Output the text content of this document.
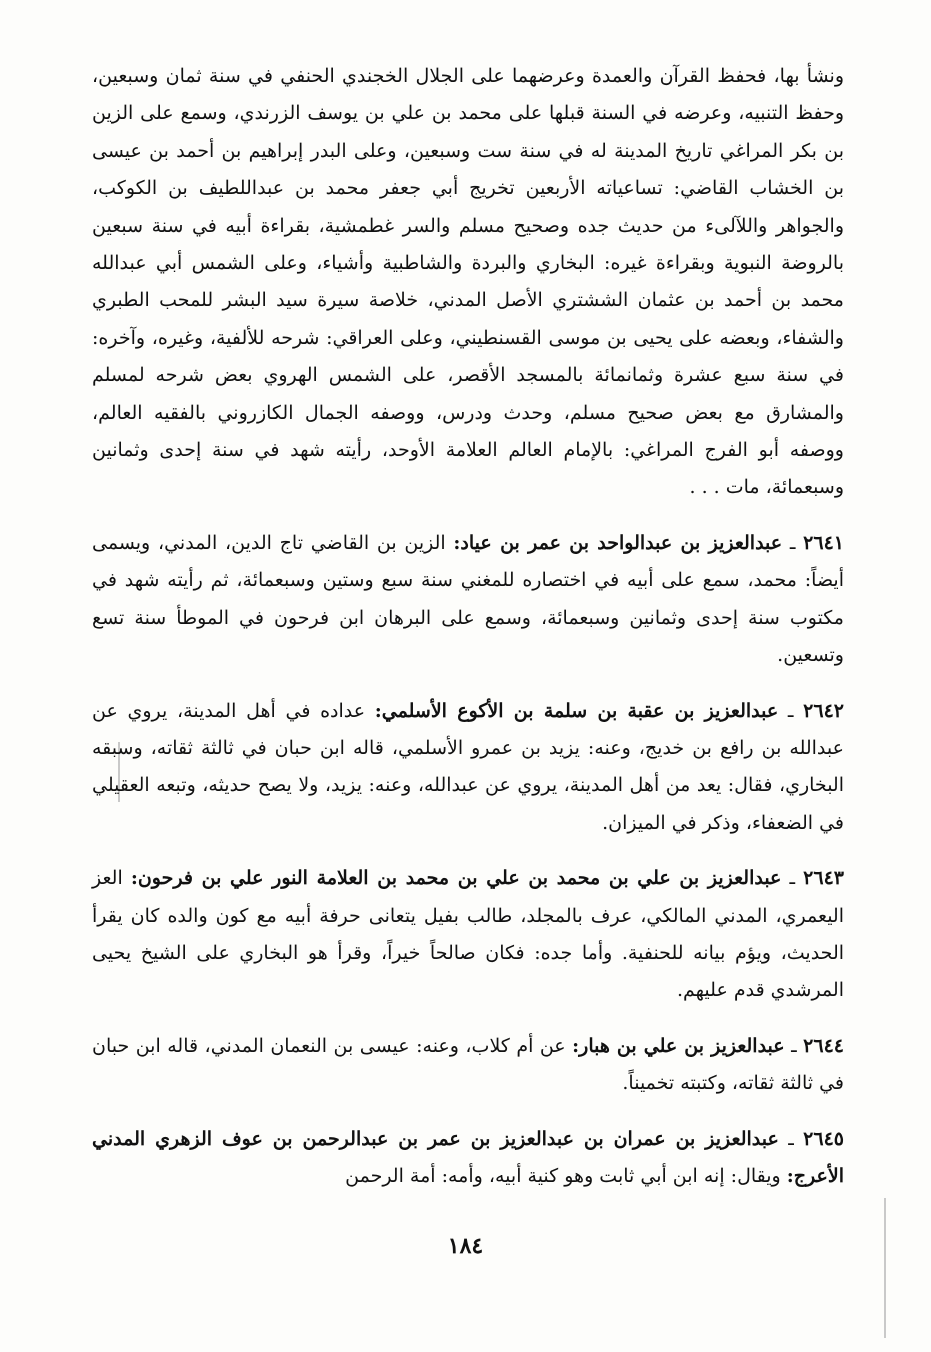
ونشأ بها، فحفظ القرآن والعمدة وعرضهما على الجلال الخجندي الحنفي في سنة ثمان وسبعين، وحفظ التنبيه، وعرضه في السنة قبلها على محمد بن علي بن يوسف الزرندي، وسمع على الزين بن بكر المراغي تاريخ المدينة له في سنة ست وسبعين، وعلى البدر إبراهيم بن أحمد بن عيسى بن الخشاب القاضي: تساعياته الأربعين تخريج أبي جعفر محمد بن عبداللطيف بن الكوكب، والجواهر واللآلىء من حديث جده وصحيح مسلم والسر غطمشية، بقراءة أبيه في سنة سبعين بالروضة النبوية وبقراءة غيره: البخاري والبردة والشاطبية وأشياء، وعلى الشمس أبي عبدالله محمد بن أحمد بن عثمان الششتري الأصل المدني، خلاصة سيرة سيد البشر للمحب الطبري والشفاء، وبعضه على يحيى بن موسى القسنطيني، وعلى العراقي: شرحه للألفية، وغيره، وآخره: في سنة سبع عشرة وثمانمائة بالمسجد الأقصر، على الشمس الهروي بعض شرحه لمسلم والمشارق مع بعض صحيح مسلم، وحدث ودرس، ووصفه الجمال الكازروني بالفقيه العالم، ووصفه أبو الفرج المراغي: بالإمام العالم العلامة الأوحد، رأيته شهد في سنة إحدى وثمانين وسبعمائة، مات . . .

٢٦٤١ ـ عبدالعزيز بن عبدالواحد بن عمر بن عياد: الزين بن القاضي تاج الدين، المدني، ويسمى أيضاً: محمد، سمع على أبيه في اختصاره للمغني سنة سبع وستين وسبعمائة، ثم رأيته شهد في مكتوب سنة إحدى وثمانين وسبعمائة، وسمع على البرهان ابن فرحون في الموطأ سنة تسع وتسعين.

٢٦٤٢ ـ عبدالعزيز بن عقبة بن سلمة بن الأكوع الأسلمي: عداده في أهل المدينة، يروي عن عبدالله بن رافع بن خديج، وعنه: يزيد بن عمرو الأسلمي، قاله ابن حبان في ثالثة ثقاته، وسبقه البخاري، فقال: يعد من أهل المدينة، يروي عن عبدالله، وعنه: يزيد، ولا يصح حديثه، وتبعه العقيلي في الضعفاء، وذكر في الميزان.

٢٦٤٣ ـ عبدالعزيز بن علي بن محمد بن علي بن محمد بن العلامة النور علي بن فرحون: العز اليعمري، المدني المالكي، عرف بالمجلد، طالب بفيل يتعانى حرفة أبيه مع كون والده كان يقرأ الحديث، ويؤم بيانه للحنفية. وأما جده: فكان صالحاً خيراً، وقرأ هو البخاري على الشيخ يحيى المرشدي قدم عليهم.

٢٦٤٤ ـ عبدالعزيز بن علي بن هبار: عن أم كلاب، وعنه: عيسى بن النعمان المدني، قاله ابن حبان في ثالثة ثقاته، وكتبته تخميناً.

٢٦٤٥ ـ عبدالعزيز بن عمران بن عبدالعزيز بن عمر بن عبدالرحمن بن عوف الزهري المدني الأعرج: ويقال: إنه ابن أبي ثابت وهو كنية أبيه، وأمه: أمة الرحمن

١٨٤
